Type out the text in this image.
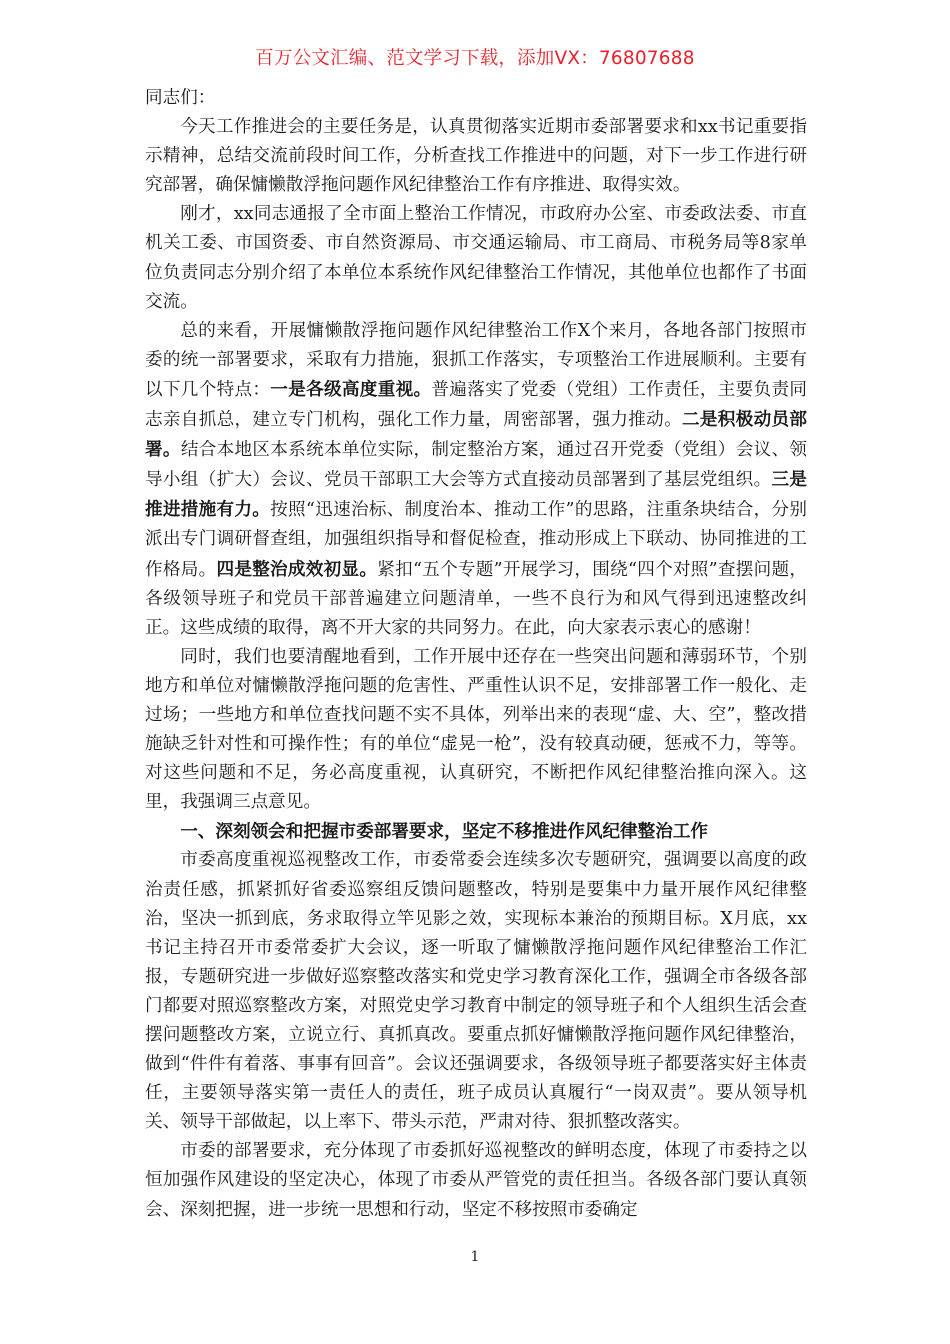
百万公文汇编、范文学习下载，添加VX：76807688

同志们：

今天工作推进会的主要任务是，认真贯彻落实近期市委部署要求和xx书记重要指示精神，总结交流前段时间工作，分析查找工作推进中的问题，对下一步工作进行研究部署，确保慵懒散浮拖问题作风纪律整治工作有序推进、取得实效。

刚才，xx同志通报了全市面上整治工作情况，市政府办公室、市委政法委、市直机关工委、市国资委、市自然资源局、市交通运输局、市工商局、市税务局等8家单位负责同志分别介绍了本单位本系统作风纪律整治工作情况，其他单位也都作了书面交流。

总的来看，开展慵懒散浮拖问题作风纪律整治工作X个来月，各地各部门按照市委的统一部署要求，采取有力措施，狠抓工作落实，专项整治工作进展顺利。主要有以下几个特点：一是各级高度重视。普遍落实了党委（党组）工作责任，主要负责同志亲自抓总，建立专门机构，强化工作力量，周密部署，强力推动。二是积极动员部署。结合本地区本系统本单位实际，制定整治方案，通过召开党委（党组）会议、领导小组（扩大）会议、党员干部职工大会等方式直接动员部署到了基层党组织。三是推进措施有力。按照“迅速治标、制度治本、推动工作”的思路，注重条块结合，分别派出专门调研督查组，加强组织指导和督促检查，推动形成上下联动、协同推进的工作格局。四是整治成效初显。紧扣“五个专题”开展学习，围绕“四个对照”查摆问题，各级领导班子和党员干部普遍建立问题清单，一些不良行为和风气得到迅速整改纠正。这些成绩的取得，离不开大家的共同努力。在此，向大家表示衷心的感谢！

同时，我们也要清醒地看到，工作开展中还存在一些突出问题和薄弱环节，个别地方和单位对慵懒散浮拖问题的危害性、严重性认识不足，安排部署工作一般化、走过场；一些地方和单位查找问题不实不具体，列举出来的表现“虚、大、空”，整改措施缺乏针对性和可操作性；有的单位“虚晃一枪”，没有较真动硬，惩戒不力，等等。对这些问题和不足，务必高度重视，认真研究，不断把作风纪律整治推向深入。这里，我强调三点意见。

一、深刻领会和把握市委部署要求，坚定不移推进作风纪律整治工作

市委高度重视巡视整改工作，市委常委会连续多次专题研究，强调要以高度的政治责任感，抓紧抓好省委巡察组反馈问题整改，特别是要集中力量开展作风纪律整治，坚决一抓到底，务求取得立竿见影之效，实现标本兼治的预期目标。X月底，xx书记主持召开市委常委扩大会议，逐一听取了慵懒散浮拖问题作风纪律整治工作汇报，专题研究进一步做好巡察整改落实和党史学习教育深化工作，强调全市各级各部门都要对照巡察整改方案，对照党史学习教育中制定的领导班子和个人组织生活会查摆问题整改方案，立说立行、真抓真改。要重点抓好慵懒散浮拖问题作风纪律整治，做到“件件有着落、事事有回音”。会议还强调要求，各级领导班子都要落实好主体责任，主要领导落实第一责任人的责任，班子成员认真履行“一岗双责”。要从领导机关、领导干部做起，以上率下、带头示范，严肃对待、狠抓整改落实。

市委的部署要求，充分体现了市委抓好巡视整改的鲜明态度，体现了市委持之以恒加强作风建设的坚定决心，体现了市委从严管党的责任担当。各级各部门要认真领会、深刻把握，进一步统一思想和行动，坚定不移按照市委确定

1
